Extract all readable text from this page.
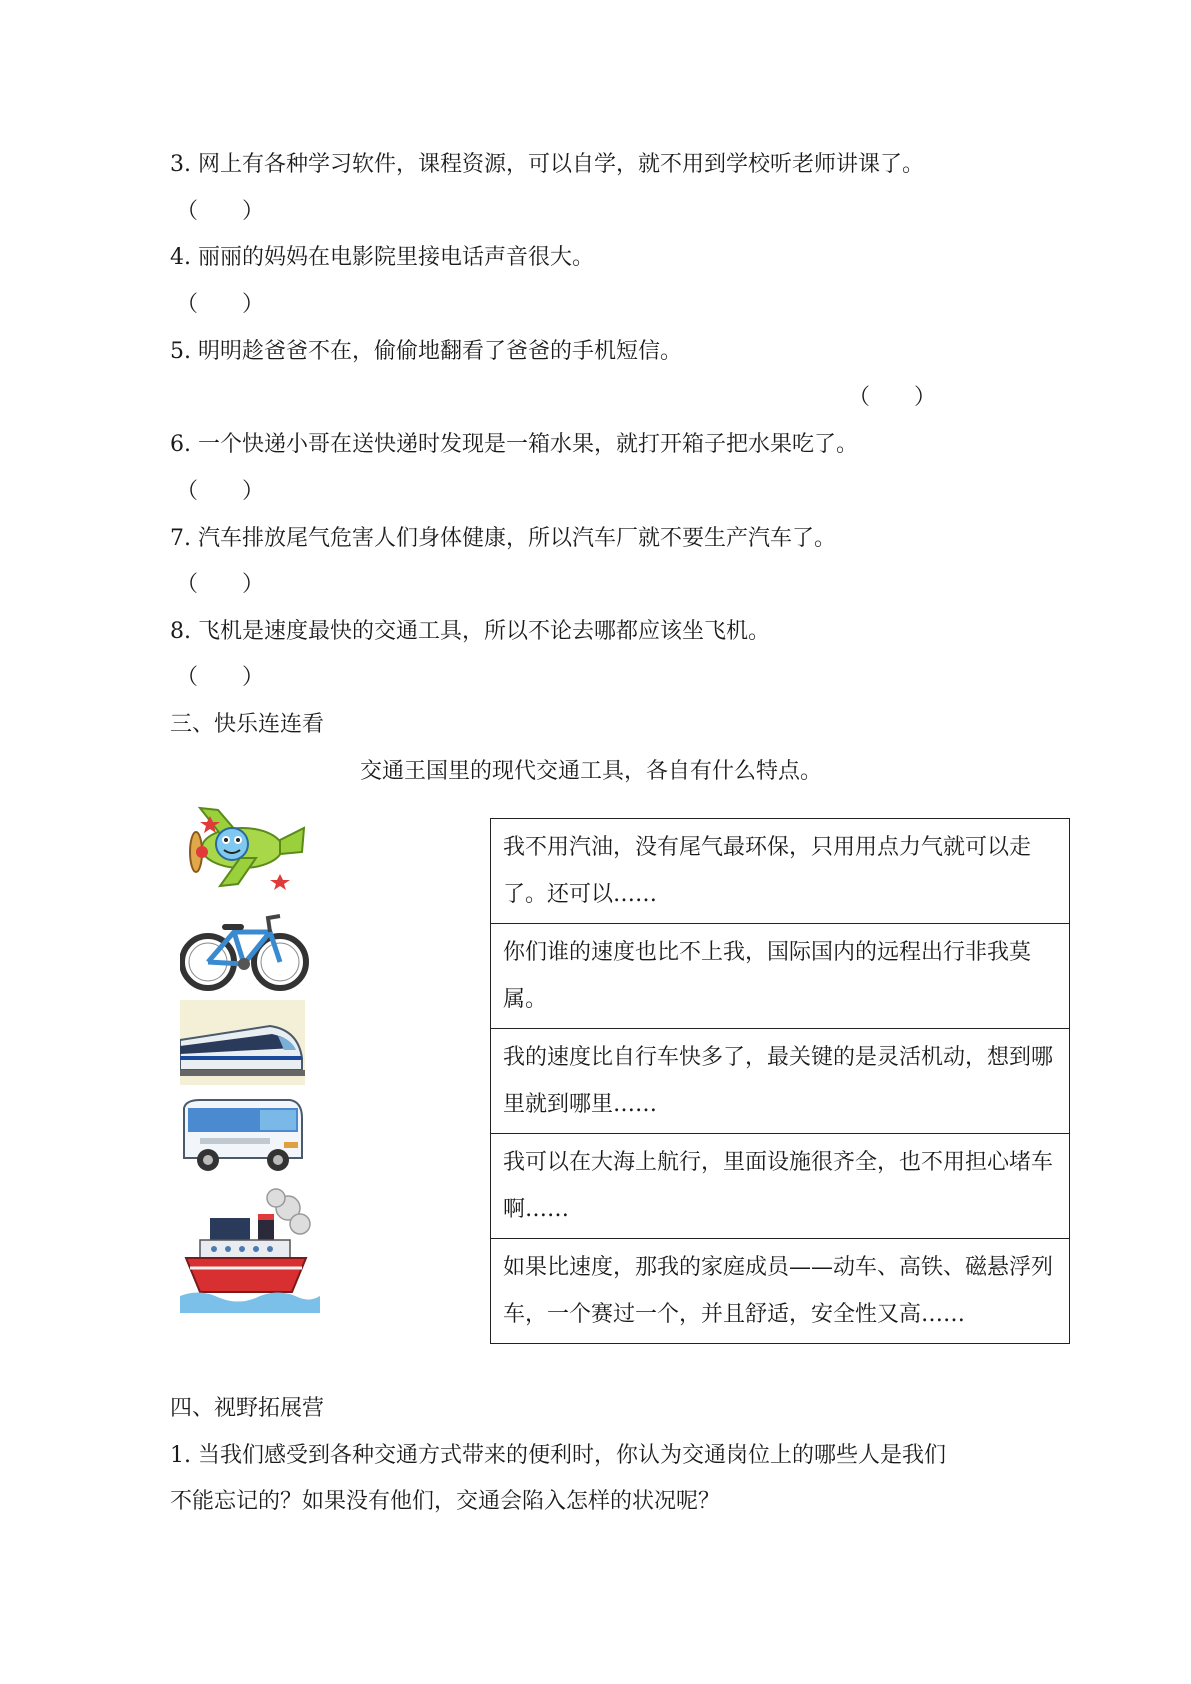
3. 网上有各种学习软件，课程资源，可以自学，就不用到学校听老师讲课了。
（　　）
4. 丽丽的妈妈在电影院里接电话声音很大。
（　　）
5. 明明趁爸爸不在，偷偷地翻看了爸爸的手机短信。
（　　）
6. 一个快递小哥在送快递时发现是一箱水果，就打开箱子把水果吃了。
（　　）
7. 汽车排放尾气危害人们身体健康，所以汽车厂就不要生产汽车了。
（　　）
8. 飞机是速度最快的交通工具，所以不论去哪都应该坐飞机。
（　　）
三、快乐连连看
交通王国里的现代交通工具，各自有什么特点。
我不用汽油，没有尾气最环保，只用用点力气就可以走了。还可以……
你们谁的速度也比不上我，国际国内的远程出行非我莫属。
我的速度比自行车快多了，最关键的是灵活机动，想到哪里就到哪里……
我可以在大海上航行，里面设施很齐全，也不用担心堵车啊……
如果比速度，那我的家庭成员——动车、高铁、磁悬浮列车，一个赛过一个，并且舒适，安全性又高……
四、视野拓展营
1. 当我们感受到各种交通方式带来的便利时，你认为交通岗位上的哪些人是我们
不能忘记的？如果没有他们，交通会陷入怎样的状况呢？
